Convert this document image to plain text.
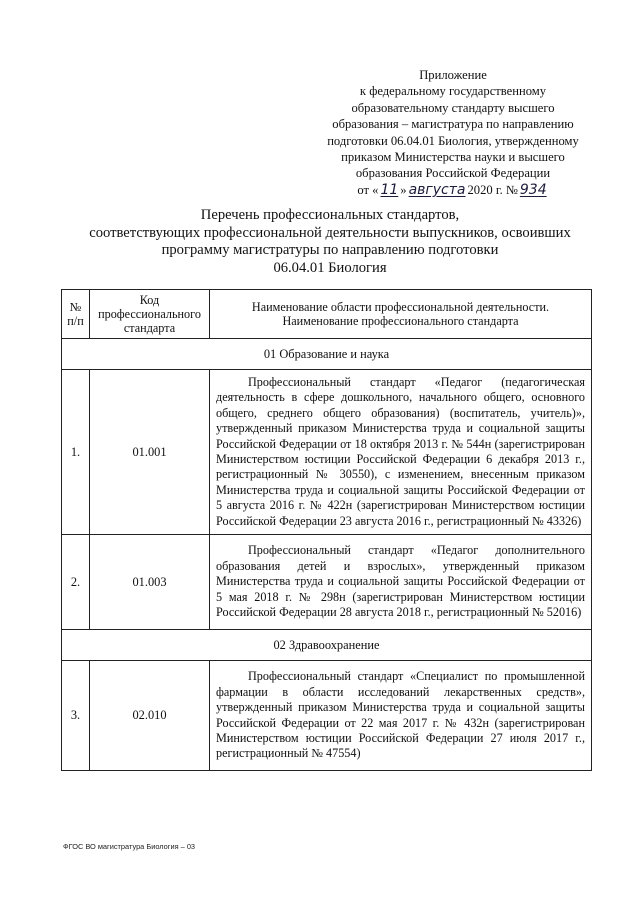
Приложение
к федеральному государственному
образовательному стандарту высшего
образования – магистратура по направлению
подготовки 06.04.01 Биология, утвержденному
приказом Министерства науки и высшего
образования Российской Федерации
от « 11 » августа 2020 г. № 934
Перечень профессиональных стандартов,
соответствующих профессиональной деятельности выпускников, освоивших
программу магистратуры по направлению подготовки
06.04.01 Биология
№ п/п	Код профессионального стандарта	Наименование области профессиональной деятельности. Наименование профессионального стандарта
01 Образование и наука		
1.	01.001	Профессиональный стандарт «Педагог (педагогическая деятельность в сфере дошкольного, начального общего, основного общего, среднего общего образования) (воспитатель, учитель)», утвержденный приказом Министерства труда и социальной защиты Российской Федерации от 18 октября 2013 г. № 544н (зарегистрирован Министерством юстиции Российской Федерации 6 декабря 2013 г., регистрационный № 30550), с изменением, внесенным приказом Министерства труда и социальной защиты Российской Федерации от 5 августа 2016 г. № 422н (зарегистрирован Министерством юстиции Российской Федерации 23 августа 2016 г., регистрационный № 43326)
2.	01.003	Профессиональный стандарт «Педагог дополнительного образования детей и взрослых», утвержденный приказом Министерства труда и социальной защиты Российской Федерации от 5 мая 2018 г. № 298н (зарегистрирован Министерством юстиции Российской Федерации 28 августа 2018 г., регистрационный № 52016)
02 Здравоохранение		
3.	02.010	Профессиональный стандарт «Специалист по промышленной фармации в области исследований лекарственных средств», утвержденный приказом Министерства труда и социальной защиты Российской Федерации от 22 мая 2017 г. № 432н (зарегистрирован Министерством юстиции Российской Федерации 27 июля 2017 г., регистрационный № 47554)
ФГОС ВО магистратура Биология – 03
